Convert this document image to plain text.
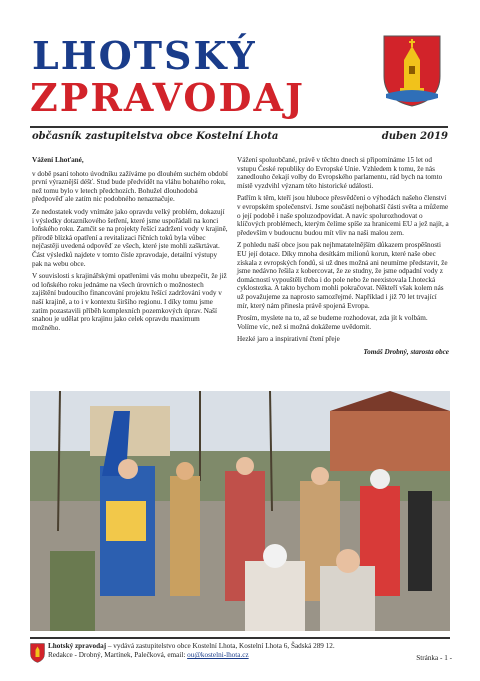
LHOTSKÝ
ZPRAVODAJ
občasník zastupitelstva obce Kostelní Lhota	duben 2019

Vážení Lhoťané,

v době psaní tohoto úvodníku zažíváme po dlouhém suchém období první výraznější déšť. Stud bude předvídět na vláhu bohatého roku, než tomu bylo v letech předchozích. Bohužel dlouhodobá předpověď ale zatím nic podobného nenaznačuje.

Ze nedostatek vody vnímáte jako opravdu velký problém, dokazují i výsledky dotazníkového šetření, které jsme uspořádali na konci loňského roku. Zamčit se na projekty řešící zadržení vody v krajině, přírodě blízká opatření a revitalizaci říčních toků byla vůbec nejčastěji uvedená odpověď ze všech, které jste mohli zaškrtávat. Část výsledků najdete v tomto čísle zpravodaje, detailní výstupy pak na webu obce.

V souvislosti s krajinářskými opatřeními vás mohu ubezpečit, že již od loňského roku jednáme na všech úrovních o možnostech zajištění budoucího financování projektu řešící zadržování vody v naší krajině, a to i v kontextu širšího regionu. I díky tomu jsme zatím pozastavili příběh komplexních pozemkových úprav. Naší snahou je udělat pro krajinu jako celek opravdu maximum možného.

Vážení spoluobčané, právě v těchto dnech si připomínáme 15 let od vstupu České republiky do Evropské Unie. Vzhledem k tomu, že nás zanedlouho čekají volby do Evropského parlamentu, rád bych na tomto místě vyzdvihl význam této historické události.

Patřím k těm, kteří jsou hluboce přesvědčeni o výhodách našeho členství v evropském společenství. Jsme součástí nejbohatší části světa a můžeme o její podobě i naše spoluzodpovídat. A navíc spolurozhodovat o klíčových problémech, kterým čelíme spíše za hranicemi EU a jež najít, a především v budoucnu budou mít vliv na naši malou zem.

Z pohledu naší obce jsou pak nejhmatatelnějším důkazem prospěšnosti EU její dotace. Díky mnoha desítkám milionů korun, které naše obec získala z evropských fondů, si už dnes možná ani neumíme představit, že jsme nedávno řešila z kobercovat, že ze studny, že jsme odpadní vody z domácností vypouštěli třeba i do pole nebo že neexistovala Lhotecká cyklostezka. A takto bychom mohli pokračovat. Někteří však kolem nás už považujeme za naprosto samozřejmé. Například i již 70 let trvající mír, který nám přinesla právě spojená Evropa.

Prosím, myslete na to, až se budeme rozhodovat, zda jít k volbám. Volíme víc, než si možná dokážeme uvědomit.

Hezké jaro a inspirativní čtení přeje

Tomáš Drobný, starosta obce

Lhotský zpravodaj – vydává zastupitelstvo obce Kostelní Lhota, Kostelní Lhota 6, Šadská 289 12.
Redakce - Drobný, Martínek, Palečková, email: ou@kostelni-lhota.cz	Stránka - 1 -
